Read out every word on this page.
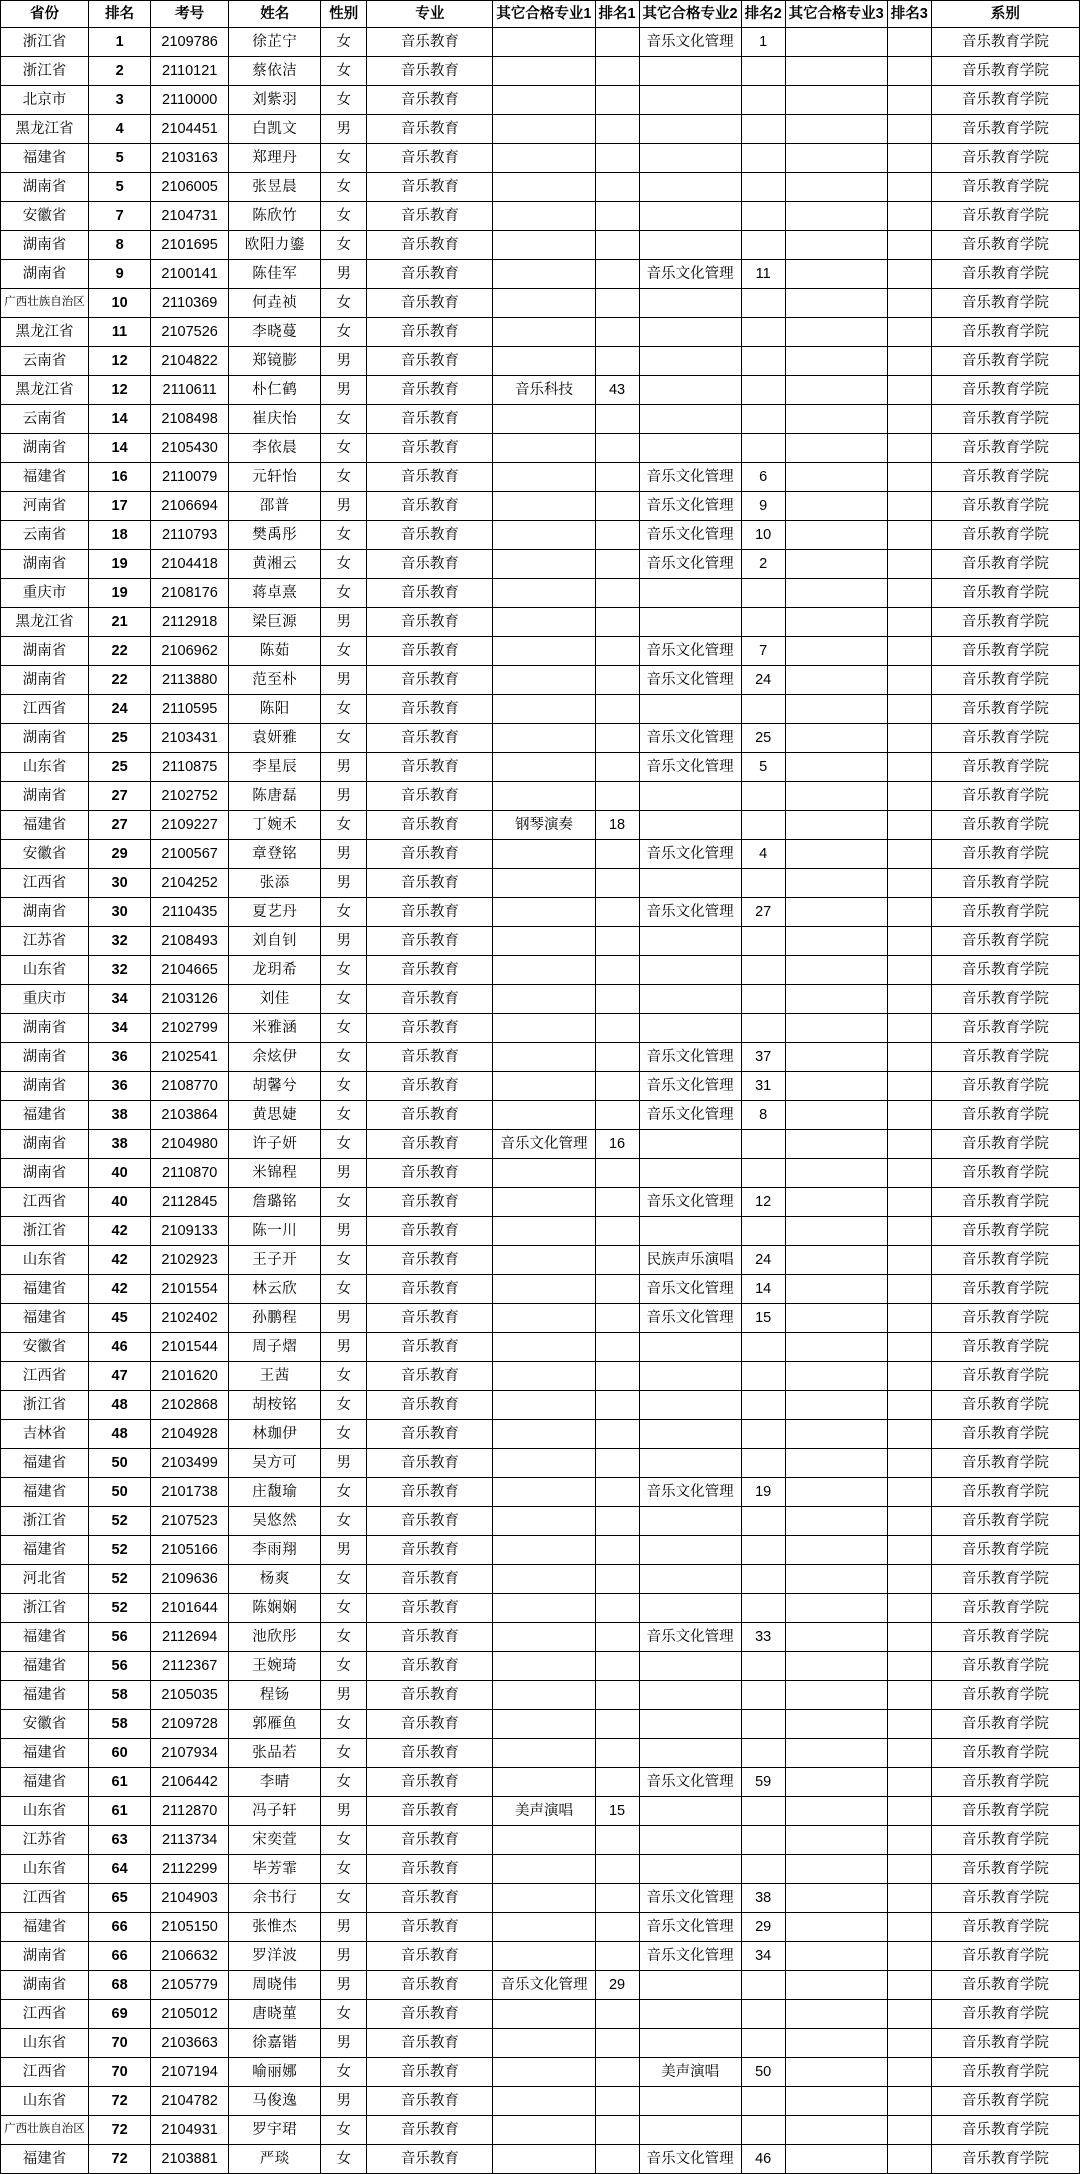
省份	排名	考号	姓名	性别	专业	其它合格专业1	排名1	其它合格专业2	排名2	其它合格专业3	排名3	系别
浙江省	1	2109786	徐芷宁	女	音乐教育			音乐文化管理	1			音乐教育学院
浙江省	2	2110121	蔡依洁	女	音乐教育							音乐教育学院
北京市	3	2110000	刘紫羽	女	音乐教育							音乐教育学院
黑龙江省	4	2104451	白凯文	男	音乐教育							音乐教育学院
福建省	5	2103163	郑理丹	女	音乐教育							音乐教育学院
湖南省	5	2106005	张昱晨	女	音乐教育							音乐教育学院
安徽省	7	2104731	陈欣竹	女	音乐教育							音乐教育学院
湖南省	8	2101695	欧阳力鎏	女	音乐教育							音乐教育学院
湖南省	9	2100141	陈佳军	男	音乐教育			音乐文化管理	11			音乐教育学院
广西壮族自治区	10	2110369	何垚祯	女	音乐教育							音乐教育学院
黑龙江省	11	2107526	李晓蔓	女	音乐教育							音乐教育学院
云南省	12	2104822	郑镜膨	男	音乐教育							音乐教育学院
黑龙江省	12	2110611	朴仁鹤	男	音乐教育	音乐科技	43					音乐教育学院
云南省	14	2108498	崔庆怡	女	音乐教育							音乐教育学院
湖南省	14	2105430	李依晨	女	音乐教育							音乐教育学院
福建省	16	2110079	元轩怡	女	音乐教育			音乐文化管理	6			音乐教育学院
河南省	17	2106694	邵普	男	音乐教育			音乐文化管理	9			音乐教育学院
云南省	18	2110793	樊禹彤	女	音乐教育			音乐文化管理	10			音乐教育学院
湖南省	19	2104418	黄湘云	女	音乐教育			音乐文化管理	2			音乐教育学院
重庆市	19	2108176	蒋卓熹	女	音乐教育							音乐教育学院
黑龙江省	21	2112918	梁巨源	男	音乐教育							音乐教育学院
湖南省	22	2106962	陈茹	女	音乐教育			音乐文化管理	7			音乐教育学院
湖南省	22	2113880	范至朴	男	音乐教育			音乐文化管理	24			音乐教育学院
江西省	24	2110595	陈阳	女	音乐教育							音乐教育学院
湖南省	25	2103431	袁妍雅	女	音乐教育			音乐文化管理	25			音乐教育学院
山东省	25	2110875	李星辰	男	音乐教育			音乐文化管理	5			音乐教育学院
湖南省	27	2102752	陈唐磊	男	音乐教育							音乐教育学院
福建省	27	2109227	丁婉禾	女	音乐教育	钢琴演奏	18					音乐教育学院
安徽省	29	2100567	章登铭	男	音乐教育			音乐文化管理	4			音乐教育学院
江西省	30	2104252	张添	男	音乐教育							音乐教育学院
湖南省	30	2110435	夏艺丹	女	音乐教育			音乐文化管理	27			音乐教育学院
江苏省	32	2108493	刘自钊	男	音乐教育							音乐教育学院
山东省	32	2104665	龙玥希	女	音乐教育							音乐教育学院
重庆市	34	2103126	刘佳	女	音乐教育							音乐教育学院
湖南省	34	2102799	米雅涵	女	音乐教育							音乐教育学院
湖南省	36	2102541	余炫伊	女	音乐教育			音乐文化管理	37			音乐教育学院
湖南省	36	2108770	胡馨兮	女	音乐教育			音乐文化管理	31			音乐教育学院
福建省	38	2103864	黄思婕	女	音乐教育			音乐文化管理	8			音乐教育学院
湖南省	38	2104980	许子妍	女	音乐教育	音乐文化管理	16					音乐教育学院
湖南省	40	2110870	米锦程	男	音乐教育							音乐教育学院
江西省	40	2112845	詹璐铭	女	音乐教育			音乐文化管理	12			音乐教育学院
浙江省	42	2109133	陈一川	男	音乐教育							音乐教育学院
山东省	42	2102923	王子开	女	音乐教育			民族声乐演唱	24			音乐教育学院
福建省	42	2101554	林云欣	女	音乐教育			音乐文化管理	14			音乐教育学院
福建省	45	2102402	孙鹏程	男	音乐教育			音乐文化管理	15			音乐教育学院
安徽省	46	2101544	周子熠	男	音乐教育							音乐教育学院
江西省	47	2101620	王茜	女	音乐教育							音乐教育学院
浙江省	48	2102868	胡桉铭	女	音乐教育							音乐教育学院
吉林省	48	2104928	林珈伊	女	音乐教育							音乐教育学院
福建省	50	2103499	吴方可	男	音乐教育							音乐教育学院
福建省	50	2101738	庄馥瑜	女	音乐教育			音乐文化管理	19			音乐教育学院
浙江省	52	2107523	吴悠然	女	音乐教育							音乐教育学院
福建省	52	2105166	李雨翔	男	音乐教育							音乐教育学院
河北省	52	2109636	杨爽	女	音乐教育							音乐教育学院
浙江省	52	2101644	陈娴娴	女	音乐教育							音乐教育学院
福建省	56	2112694	池欣彤	女	音乐教育			音乐文化管理	33			音乐教育学院
福建省	56	2112367	王婉琦	女	音乐教育							音乐教育学院
福建省	58	2105035	程钖	男	音乐教育							音乐教育学院
安徽省	58	2109728	郭雁鱼	女	音乐教育							音乐教育学院
福建省	60	2107934	张品若	女	音乐教育							音乐教育学院
福建省	61	2106442	李晴	女	音乐教育			音乐文化管理	59			音乐教育学院
山东省	61	2112870	冯子轩	男	音乐教育	美声演唱	15					音乐教育学院
江苏省	63	2113734	宋奕萱	女	音乐教育							音乐教育学院
山东省	64	2112299	毕芳霏	女	音乐教育							音乐教育学院
江西省	65	2104903	余书行	女	音乐教育			音乐文化管理	38			音乐教育学院
福建省	66	2105150	张惟杰	男	音乐教育			音乐文化管理	29			音乐教育学院
湖南省	66	2106632	罗洋波	男	音乐教育			音乐文化管理	34			音乐教育学院
湖南省	68	2105779	周晓伟	男	音乐教育	音乐文化管理	29					音乐教育学院
江西省	69	2105012	唐晓菫	女	音乐教育							音乐教育学院
山东省	70	2103663	徐嘉锴	男	音乐教育							音乐教育学院
江西省	70	2107194	喻丽娜	女	音乐教育			美声演唱	50			音乐教育学院
山东省	72	2104782	马俊逸	男	音乐教育							音乐教育学院
广西壮族自治区	72	2104931	罗宇珺	女	音乐教育							音乐教育学院
福建省	72	2103881	严琰	女	音乐教育			音乐文化管理	46			音乐教育学院
